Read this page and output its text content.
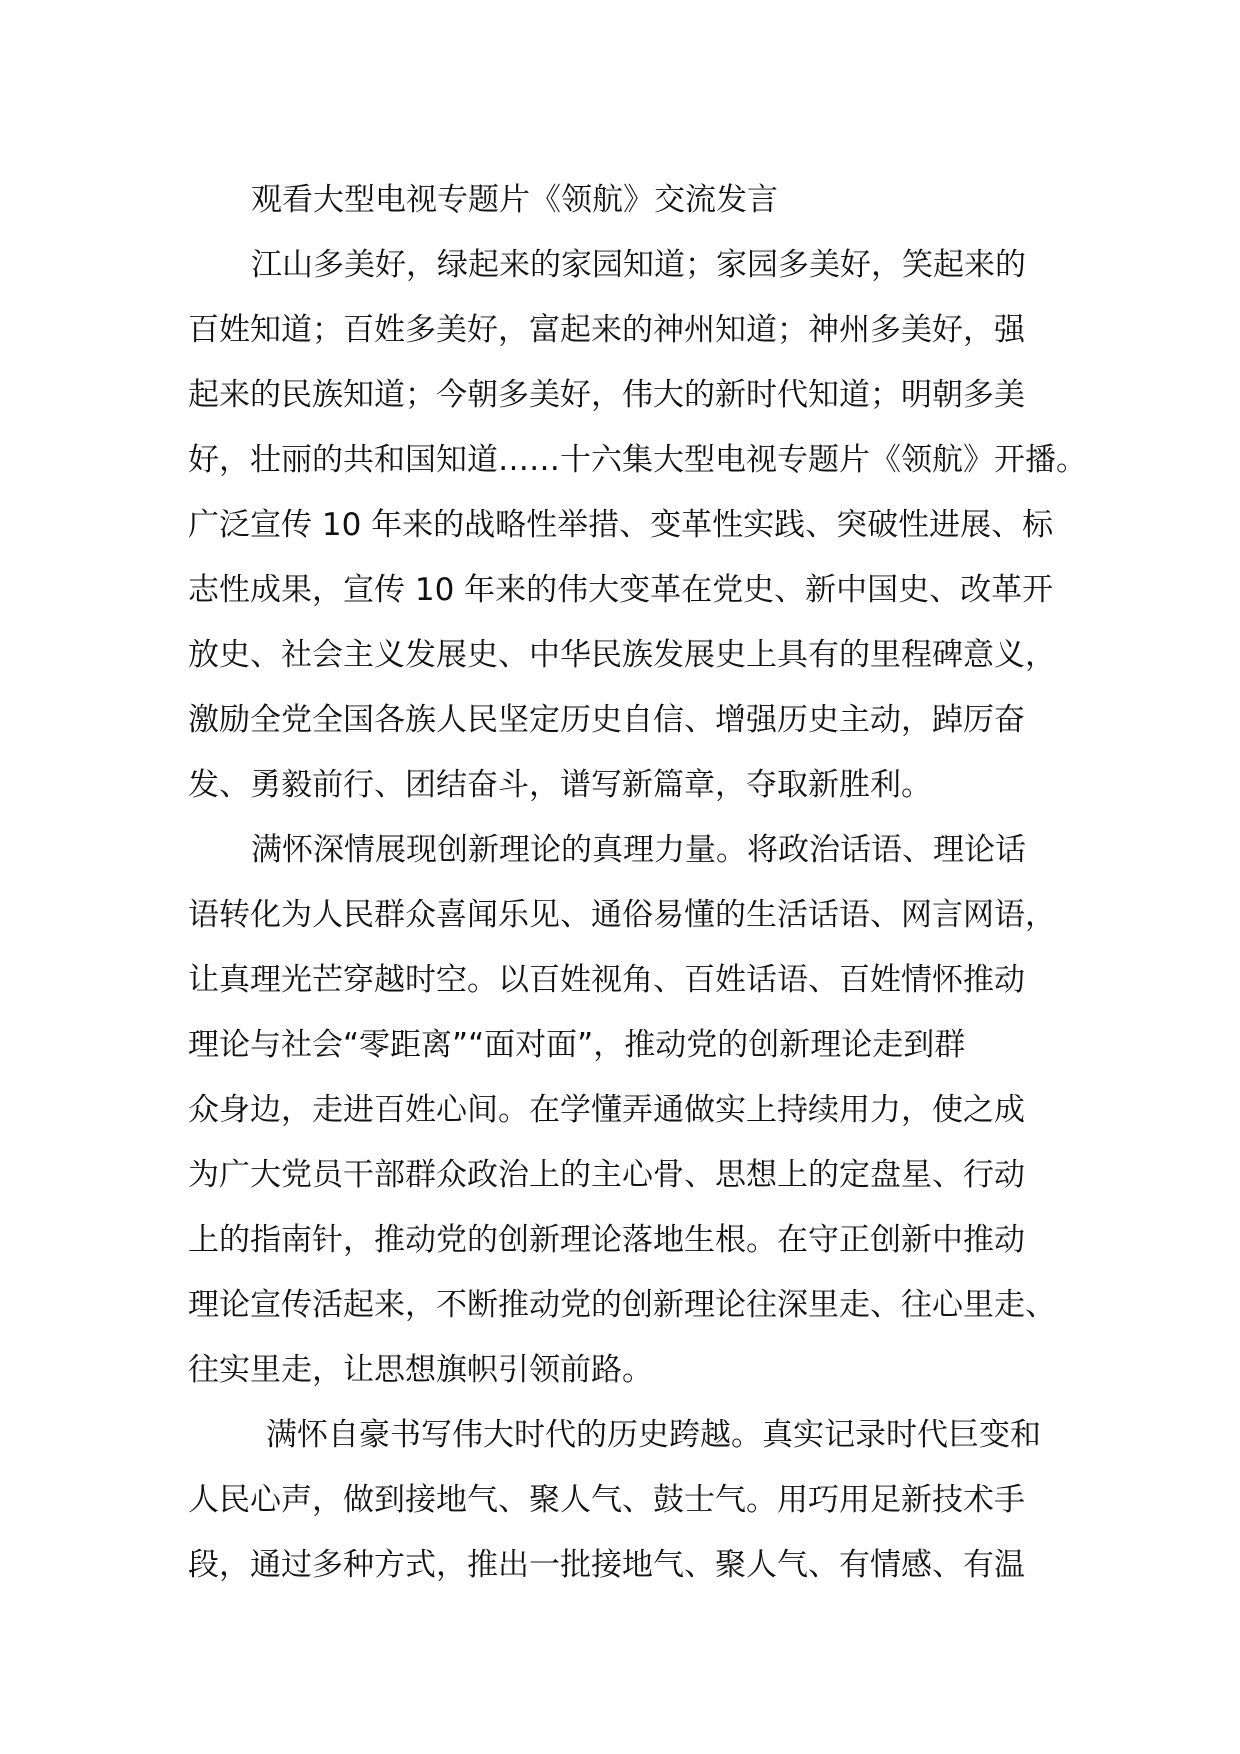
观看大型电视专题片《领航》交流发言
江山多美好，绿起来的家园知道；家园多美好，笑起来的
百姓知道；百姓多美好，富起来的神州知道；神州多美好，强
起来的民族知道；今朝多美好，伟大的新时代知道；明朝多美
好，壮丽的共和国知道……十六集大型电视专题片《领航》开播。
广泛宣传 10 年来的战略性举措、变革性实践、突破性进展、标
志性成果，宣传 10 年来的伟大变革在党史、新中国史、改革开
放史、社会主义发展史、中华民族发展史上具有的里程碑意义，
激励全党全国各族人民坚定历史自信、增强历史主动，踔厉奋
发、勇毅前行、团结奋斗，谱写新篇章，夺取新胜利。
满怀深情展现创新理论的真理力量。将政治话语、理论话
语转化为人民群众喜闻乐见、通俗易懂的生活话语、网言网语，
让真理光芒穿越时空。以百姓视角、百姓话语、百姓情怀推动
理论与社会“零距离”“面对面”，推动党的创新理论走到群
众身边，走进百姓心间。在学懂弄通做实上持续用力，使之成
为广大党员干部群众政治上的主心骨、思想上的定盘星、行动
上的指南针，推动党的创新理论落地生根。在守正创新中推动
理论宣传活起来，不断推动党的创新理论往深里走、往心里走、
往实里走，让思想旗帜引领前路。
满怀自豪书写伟大时代的历史跨越。真实记录时代巨变和
人民心声，做到接地气、聚人气、鼓士气。用巧用足新技术手
段，通过多种方式，推出一批接地气、聚人气、有情感、有温
